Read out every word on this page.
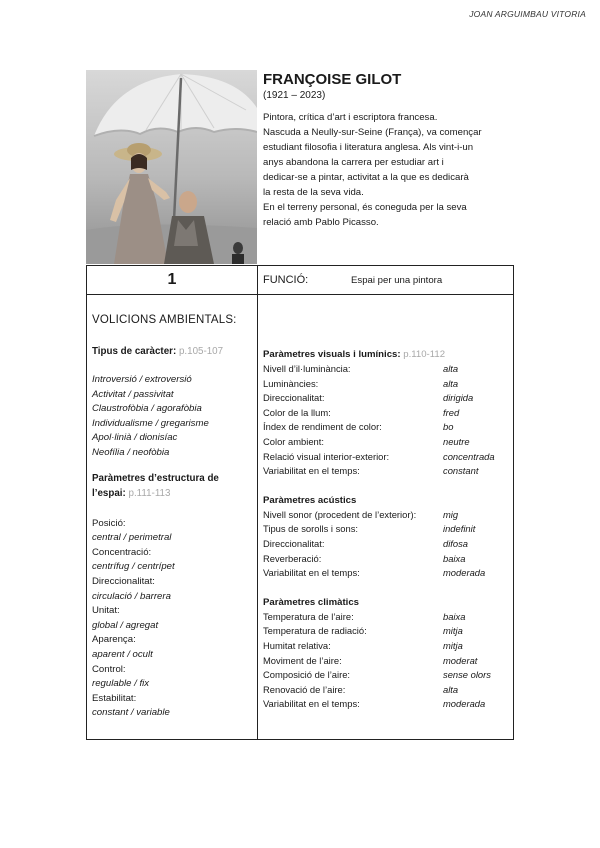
JOAN ARGUIMBAU VITORIA
FRANÇOISE GILOT
(1921 – 2023)

Pintora, crítica d’art i escriptora francesa.

Nascuda a Neully-sur-Seine (França), va començar

estudiant filosofia i literatura anglesa. Als vint-i-un

anys abandona la carrera per estudiar art i

dedicar-se a pintar, activitat a la que es dedicarà

la resta de la seva vida.

En el terreny personal, és coneguda per la seva

relació amb Pablo Picasso.

1	FUNCIÓ:	Espai per una pintora
VOLICIONS AMBIENTALS:
Tipus de caràcter: p.105-107
Introversió / extroversió
Activitat / passivitat
Claustrofòbia / agorafòbia
Individualisme / gregarisme
Apol·linià / dionisíac
Neofília / neofòbia
Paràmetres d’estructura de
l’espai: p.111-113
Posició:
central / perimetral
Concentració:
centrífug / centrípet
Direccionalitat:
circulació / barrera
Unitat:
global / agregat
Aparença:
aparent / ocult
Control:
regulable / fix
Estabilitat:
constant / variable
Paràmetres visuals i lumínics: p.110-112
Nivell d’il·luminància:	alta
Luminàncies:	alta
Direccionalitat:	dirigida
Color de la llum:	fred
Índex de rendiment de color:	bo
Color ambient:	neutre
Relació visual interior-exterior:	concentrada
Variabilitat en el temps:	constant
Paràmetres acústics
Nivell sonor (procedent de l’exterior):	mig
Tipus de sorolls i sons:	indefinit
Direccionalitat:	difosa
Reverberació:	baixa
Variabilitat en el temps:	moderada
Paràmetres climàtics
Temperatura de l’aire:	baixa
Temperatura de radiació:	mitja
Humitat relativa:	mitja
Moviment de l’aire:	moderat
Composició de l’aire:	sense olors
Renovació de l’aire:	alta
Variabilitat en el temps:	moderada
